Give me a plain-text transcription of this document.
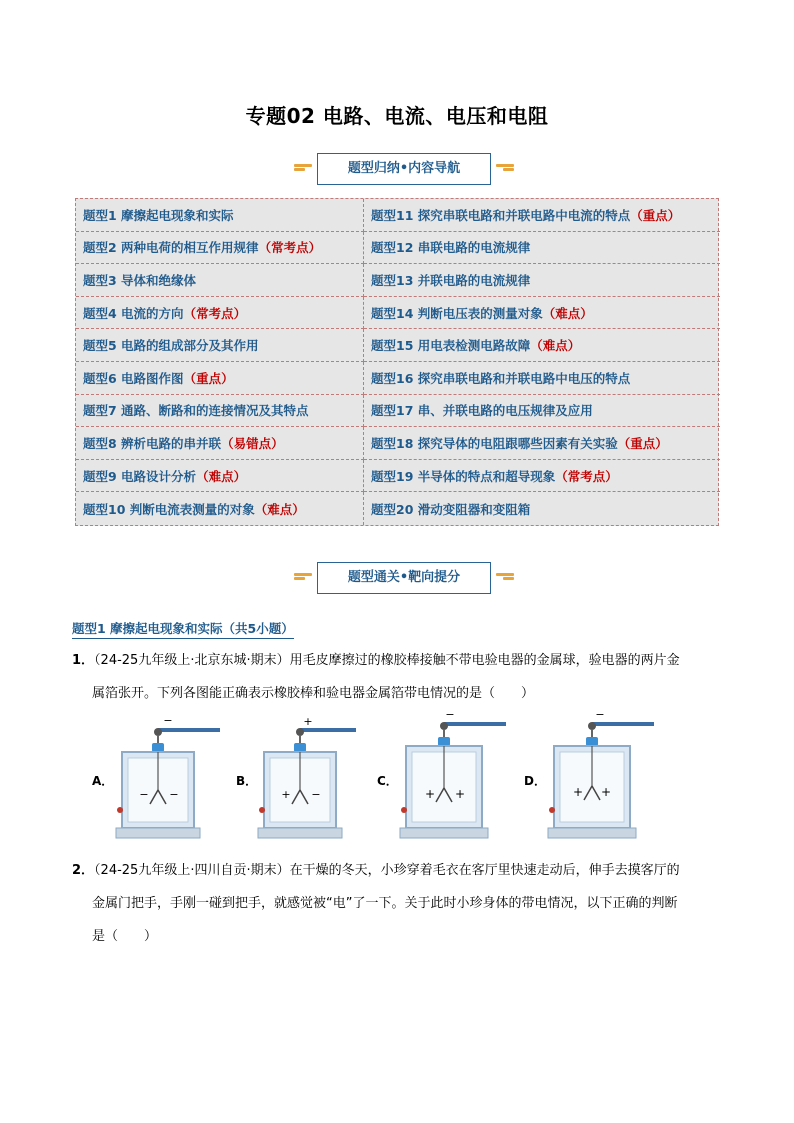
专题02 电路、电流、电压和电阻
题型归纳•内容导航
题型1 摩擦起电现象和实际
题型2 两种电荷的相互作用规律 （常考点）
题型3 导体和绝缘体
题型4 电流的方向 （常考点）
题型5 电路的组成部分及其作用
题型6 电路图作图 （重点）
题型7 通路、断路和的连接情况及其特点
题型8 辨析电路的串并联 （易错点）
题型9 电路设计分析 （难点）
题型10 判断电流表测量的对象 （难点）
题型11 探究串联电路和并联电路中电流的特点 （重点）
题型12 串联电路的电流规律
题型13 并联电路的电流规律
题型14 判断电压表的测量对象 （难点）
题型15 用电表检测电路故障 （难点）
题型16 探究串联电路和并联电路中电压的特点
题型17 串、并联电路的电压规律及应用
题型18 探究导体的电阻跟哪些因素有关实验 （重点）
题型19 半导体的特点和超导现象 （常考点）
题型20 滑动变阻器和变阻箱
题型通关•靶向提分
题型1 摩擦起电现象和实际（共5小题）
1．（24-25九年级上·北京东城·期末）用毛皮摩擦过的橡胶棒接触不带电验电器的金属球，验电器的两片金
属箔张开。下列各图能正确表示橡胶棒和验电器金属箔带电情况的是（　　）
A．
−
− −
B．
+
+ −
C．
−
+ +
D．
−
+ +
2．（24-25九年级上·四川自贡·期末）在干燥的冬天，小珍穿着毛衣在客厅里快速走动后，伸手去摸客厅的
金属门把手，手刚一碰到把手，就感觉被“电”了一下。关于此时小珍身体的带电情况，以下正确的判断
是（　　）
